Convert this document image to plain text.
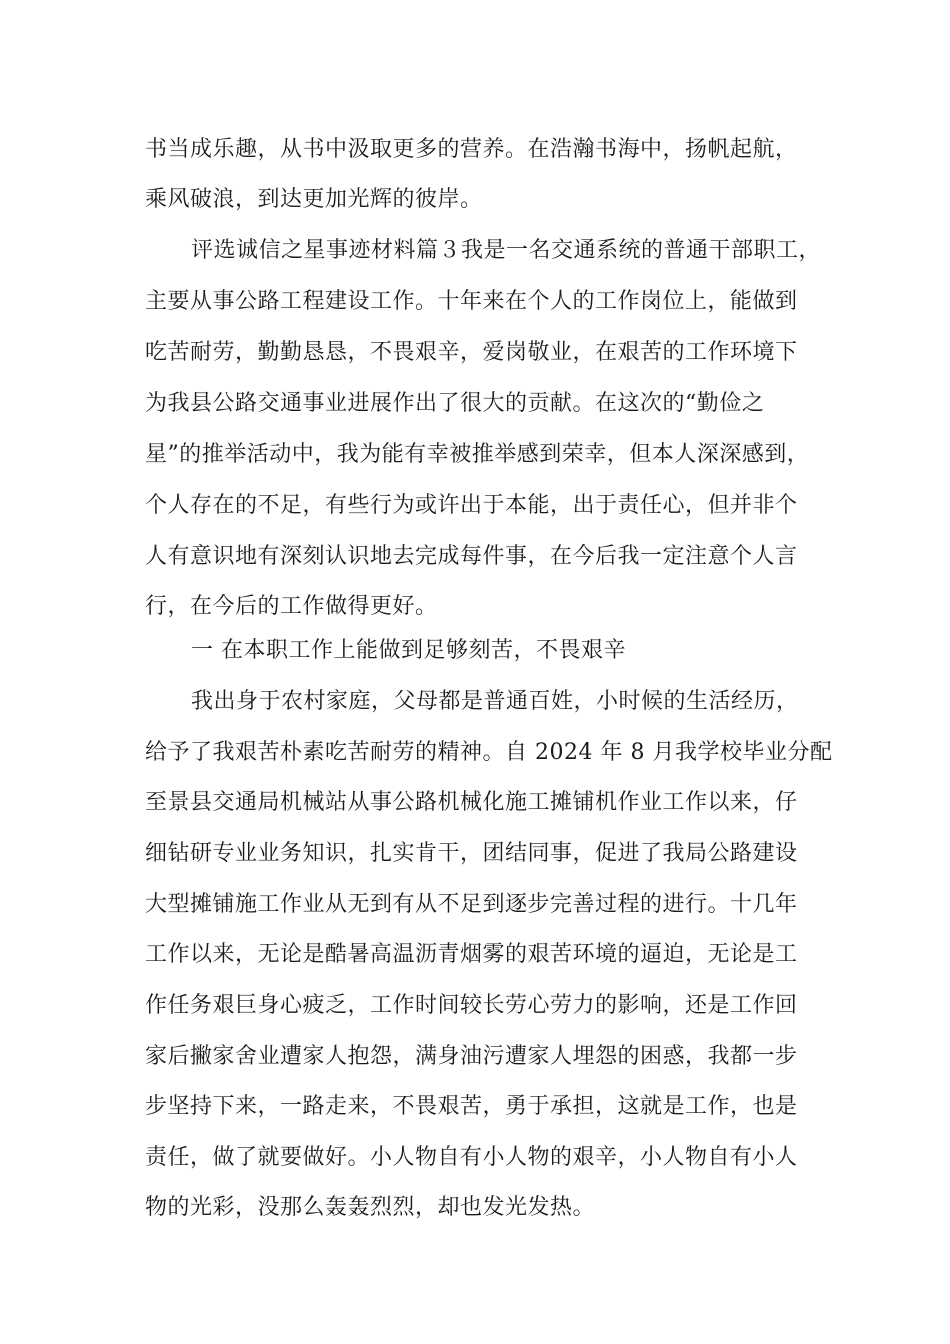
书当成乐趣，从书中汲取更多的营养。在浩瀚书海中，扬帆起航，
乘风破浪，到达更加光辉的彼岸。
评选诚信之星事迹材料篇３我是一名交通系统的普通干部职工，
主要从事公路工程建设工作。十年来在个人的工作岗位上，能做到
吃苦耐劳，勤勤恳恳，不畏艰辛，爱岗敬业，在艰苦的工作环境下
为我县公路交通事业进展作出了很大的贡献。在这次的“勤俭之
星”的推举活动中，我为能有幸被推举感到荣幸，但本人深深感到，
个人存在的不足，有些行为或许出于本能，出于责任心，但并非个
人有意识地有深刻认识地去完成每件事，在今后我一定注意个人言
行，在今后的工作做得更好。
一 在本职工作上能做到足够刻苦，不畏艰辛
我出身于农村家庭，父母都是普通百姓，小时候的生活经历，
给予了我艰苦朴素吃苦耐劳的精神。自 2024 年 8 月我学校毕业分配
至景县交通局机械站从事公路机械化施工摊铺机作业工作以来，仔
细钻研专业业务知识，扎实肯干，团结同事，促进了我局公路建设
大型摊铺施工作业从无到有从不足到逐步完善过程的进行。十几年
工作以来，无论是酷暑高温沥青烟雾的艰苦环境的逼迫，无论是工
作任务艰巨身心疲乏，工作时间较长劳心劳力的影响，还是工作回
家后撇家舍业遭家人抱怨，满身油污遭家人埋怨的困惑，我都一步
步坚持下来，一路走来，不畏艰苦，勇于承担，这就是工作，也是
责任，做了就要做好。小人物自有小人物的艰辛，小人物自有小人
物的光彩，没那么轰轰烈烈，却也发光发热。
